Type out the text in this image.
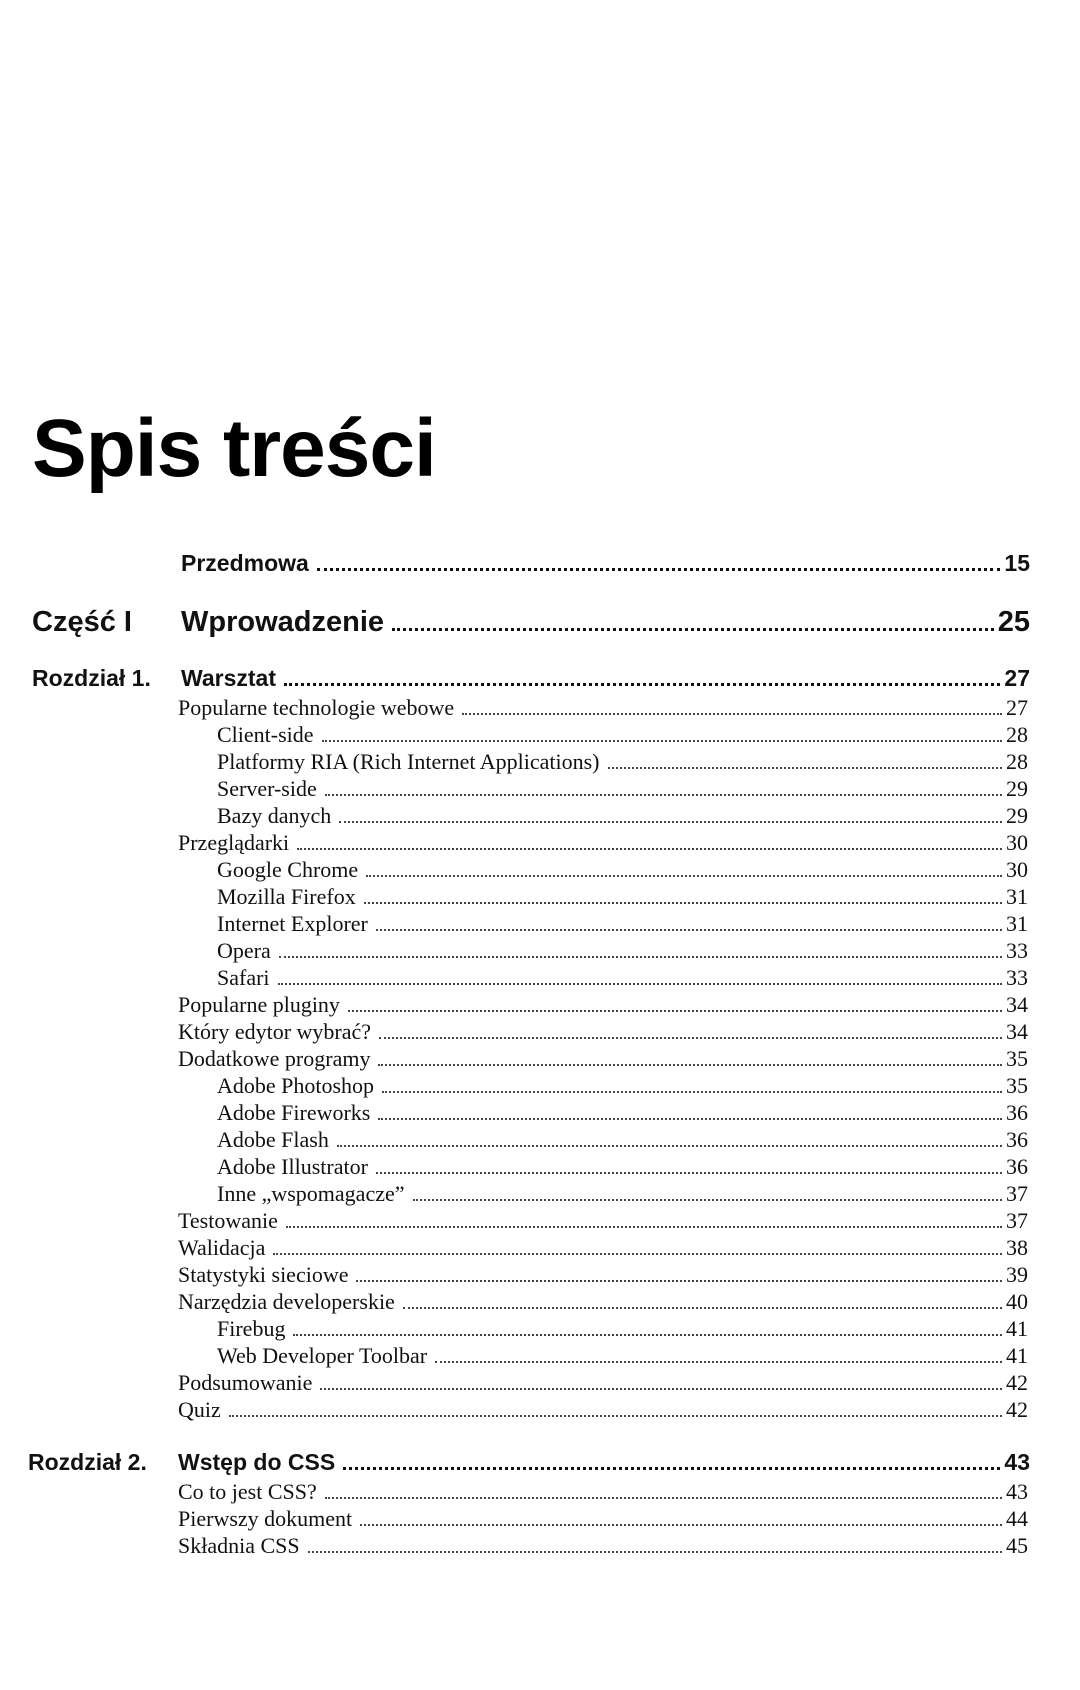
Spis treści
Przedmowa	15
Część I Wprowadzenie	25
Rozdział 1. Warsztat	27
Popularne technologie webowe	27
Client-side	28
Platformy RIA (Rich Internet Applications)	28
Server-side	29
Bazy danych	29
Przeglądarki	30
Google Chrome	30
Mozilla Firefox	31
Internet Explorer	31
Opera	33
Safari	33
Popularne pluginy	34
Który edytor wybrać?	34
Dodatkowe programy	35
Adobe Photoshop	35
Adobe Fireworks	36
Adobe Flash	36
Adobe Illustrator	36
Inne „wspomagacze”	37
Testowanie	37
Walidacja	38
Statystyki sieciowe	39
Narzędzia developerskie	40
Firebug	41
Web Developer Toolbar	41
Podsumowanie	42
Quiz	42
Rozdział 2. Wstęp do CSS	43
Co to jest CSS?	43
Pierwszy dokument	44
Składnia CSS	45
